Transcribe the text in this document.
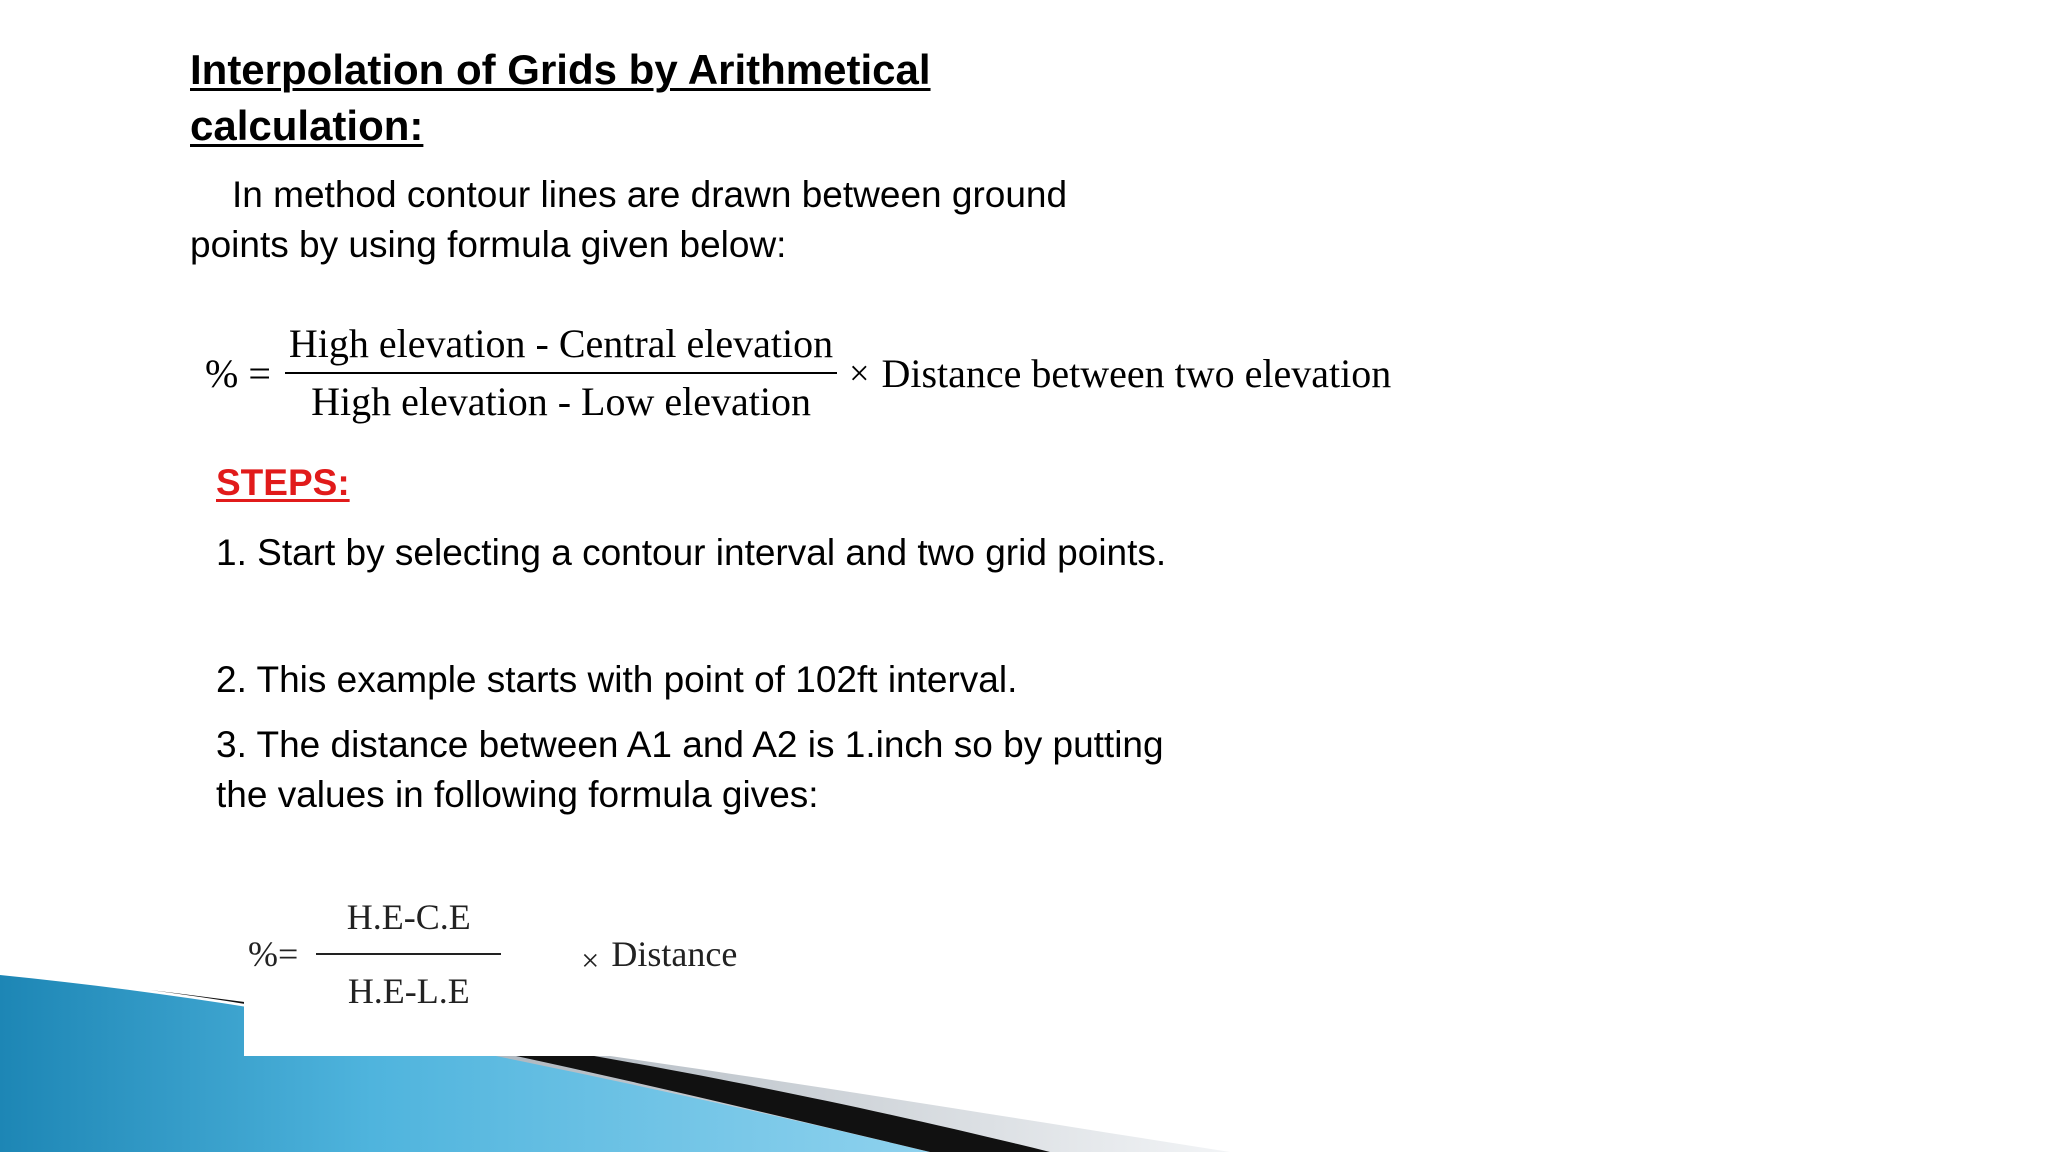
Interpolation of Grids by Arithmetical
calculation:

In method contour lines are drawn between ground
points by using formula given below:

% = $\frac{\text{High elevation - Central elevation}}{\text{High elevation - Low elevation}}$ × Distance between two elevation
STEPS:

1. Start by selecting a contour interval and two grid points.

2. This example starts with point of 102ft interval.

3. The distance between A1 and A2 is 1.inch so by putting
the values in following formula gives:

%= $\frac{H.E-C.E}{H.E-L.E}$	× Distance
